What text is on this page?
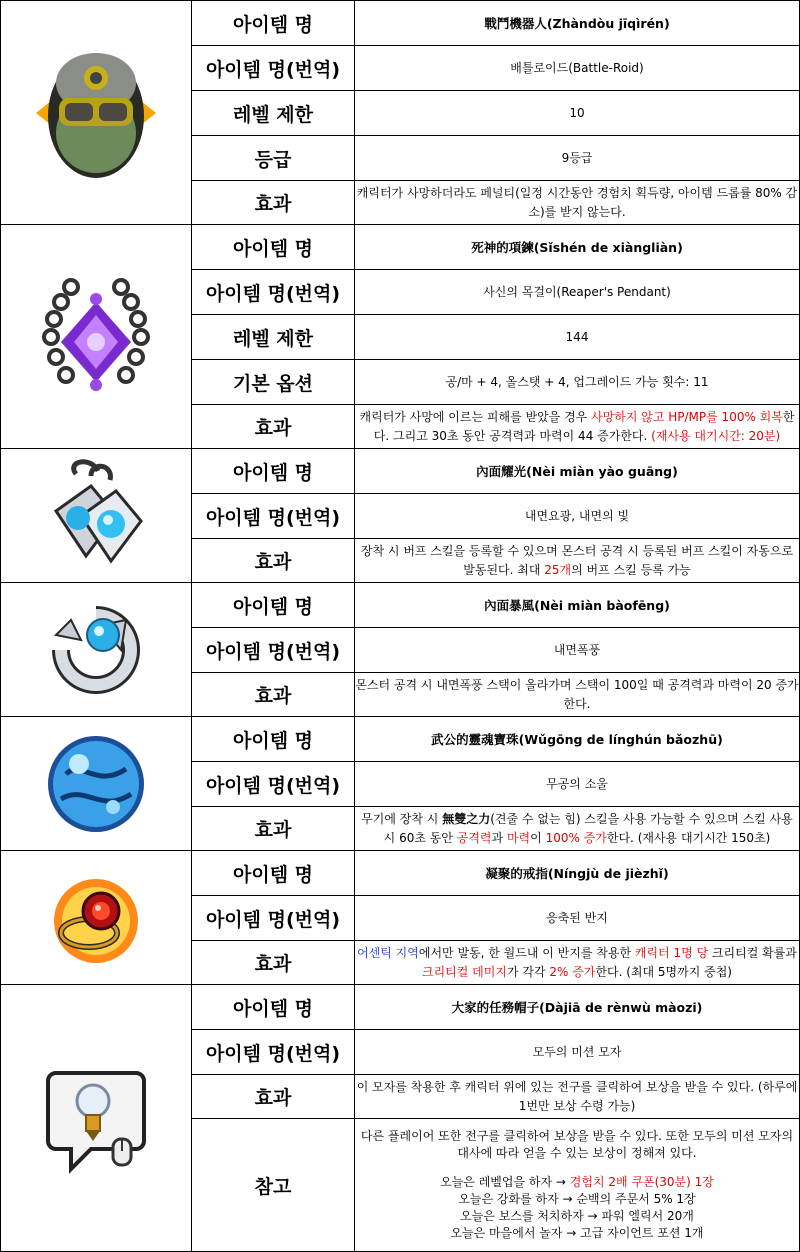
	아이템 명	戰鬥機器人(Zhàndòu jīqìrén)
	아이템 명(번역)	배틀로이드(Battle-Roid)
	레벨 제한	10
	등급	9등급
	효과	캐릭터가 사망하더라도 페널티(일정 시간동안 경험치 획득량, 아이템 드롭률 80% 감소)를 받지 않는다.

	아이템 명	死神的項鍊(Sǐshén de xiàngliàn)
	아이템 명(번역)	사신의 목걸이(Reaper's Pendant)
	레벨 제한	144
	기본 옵션	공/마 + 4, 올스탯 + 4, 업그레이드 가능 횟수: 11
	효과	캐릭터가 사망에 이르는 피해를 받았을 경우 사망하지 않고 HP/MP를 100% 회복한다. 그리고 30초 동안 공격력과 마력이 44 증가한다. (재사용 대기시간: 20분)

	아이템 명	內面耀光(Nèi miàn yào guāng)
	아이템 명(번역)	내면요광, 내면의 빛
	효과	장착 시 버프 스킬을 등록할 수 있으며 몬스터 공격 시 등록된 버프 스킬이 자동으로 발동된다. 최대 25개의 버프 스킬 등록 가능

	아이템 명	內面暴風(Nèi miàn bàofēng)
	아이템 명(번역)	내면폭풍
	효과	몬스터 공격 시 내면폭풍 스택이 올라가며 스택이 100일 때 공격력과 마력이 20 증가한다.

	아이템 명	武公的靈魂寶珠(Wǔgōng de línghún bǎozhū)
	아이템 명(번역)	무공의 소울
	효과	무기에 장착 시 無雙之力(견줄 수 없는 힘) 스킬을 사용 가능할 수 있으며 스킬 사용 시 60초 동안 공격력과 마력이 100% 증가한다. (재사용 대기시간 150초)

	아이템 명	凝聚的戒指(Níngjù de jièzhǐ)
	아이템 명(번역)	응축된 반지
	효과	어센틱 지역에서만 발동, 한 월드내 이 반지를 착용한 캐릭터 1명 당 크리티컬 확률과 크리티컬 데미지가 각각 2% 증가한다. (최대 5명까지 중첩)

	아이템 명	大家的任務帽子(Dàjiā de rènwù màozi)
	아이템 명(번역)	모두의 미션 모자
	효과	이 모자를 착용한 후 캐릭터 위에 있는 전구를 클릭하여 보상을 받을 수 있다. (하루에 1번만 보상 수령 가능)
	참고	다른 플레이어 또한 전구를 클릭하여 보상을 받을 수 있다. 또한 모두의 미션 모자의 대사에 따라 얻을 수 있는 보상이 정해져 있다.
오늘은 레벨업을 하자 → 경험치 2배 쿠폰(30분) 1장
오늘은 강화를 하자 → 순백의 주문서 5% 1장
오늘은 보스를 처치하자 → 파워 엘릭서 20개
오늘은 마을에서 놀자 → 고급 자이언트 포션 1개
